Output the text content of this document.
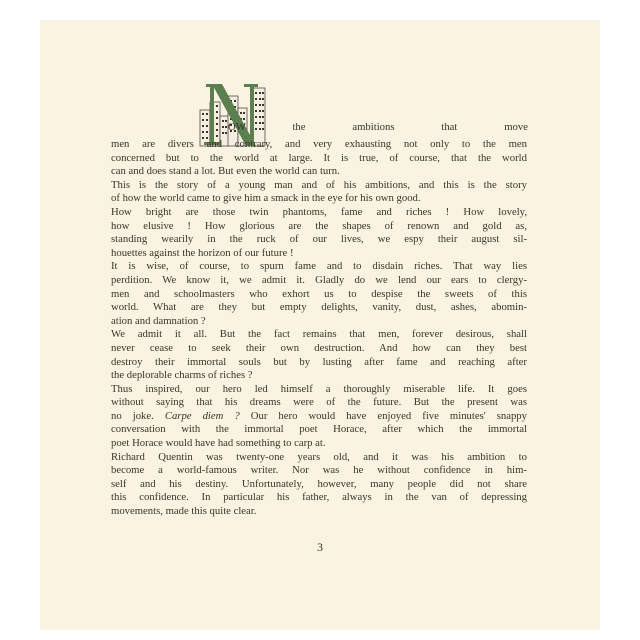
OW the ambitions that move

men are divers and contrary, and very exhausting not only to the men
concerned but to the world at large. It is true, of course, that the world
can and does stand a lot. But even the world can turn.

This is the story of a young man and of his ambitions, and this is the story
of how the world came to give him a smack in the eye for his own good.

How bright are those twin phantoms, fame and riches ! How lovely,
how elusive ! How glorious are the shapes of renown and gold as,
standing wearily in the ruck of our lives, we espy their august sil-
houettes against the horizon of our future !

It is wise, of course, to spurn fame and to disdain riches. That way lies
perdition. We know it, we admit it. Gladly do we lend our ears to clergy-
men and schoolmasters who exhort us to despise the sweets of this
world. What are they but empty delights, vanity, dust, ashes, abomin-
ation and damnation ?

We admit it all. But the fact remains that men, forever desirous, shall
never cease to seek their own destruction. And how can they best
destroy their immortal souls but by lusting after fame and reaching after
the deplorable charms of riches ?

Thus inspired, our hero led himself a thoroughly miserable life. It goes
without saying that his dreams were of the future. But the present was
no joke. Carpe diem ? Our hero would have enjoyed five minutes' snappy
conversation with the immortal poet Horace, after which the immortal
poet Horace would have had something to carp at.

Richard Quentin was twenty-one years old, and it was his ambition to
become a world-famous writer. Nor was he without confidence in him-
self and his destiny. Unfortunately, however, many people did not share
this confidence. In particular his father, always in the van of depressing
movements, made this quite clear.

3
